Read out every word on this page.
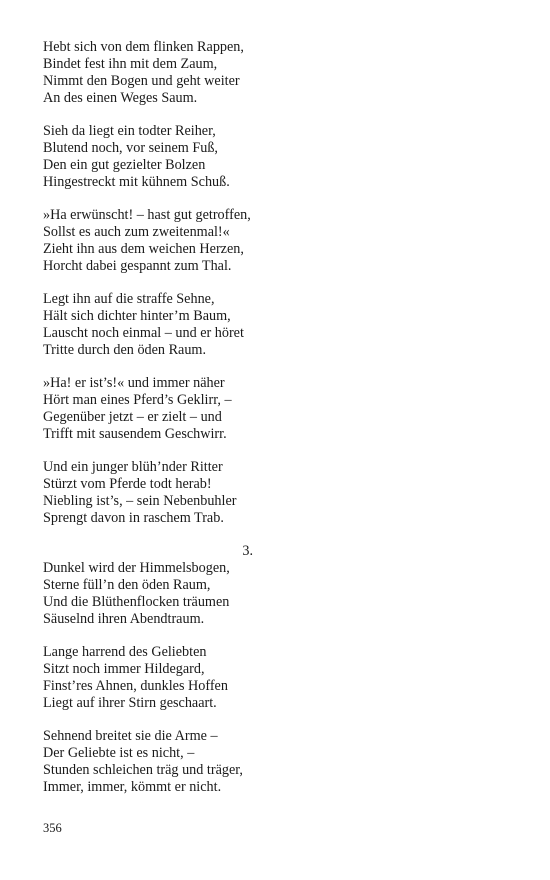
Hebt sich von dem flinken Rappen,
Bindet fest ihn mit dem Zaum,
Nimmt den Bogen und geht weiter
An des einen Weges Saum.
Sieh da liegt ein todter Reiher,
Blutend noch, vor seinem Fuß,
Den ein gut gezielter Bolzen
Hingestreckt mit kühnem Schuß.
»Ha erwünscht! – hast gut getroffen,
Sollst es auch zum zweitenmal!«
Zieht ihn aus dem weichen Herzen,
Horcht dabei gespannt zum Thal.
Legt ihn auf die straffe Sehne,
Hält sich dichter hinter’m Baum,
Lauscht noch einmal – und er höret
Tritte durch den öden Raum.
»Ha! er ist’s!« und immer näher
Hört man eines Pferd’s Geklirr, –
Gegenüber jetzt – er zielt – und
Trifft mit sausendem Geschwirr.
Und ein junger blüh’nder Ritter
Stürzt vom Pferde todt herab!
Niebling ist’s, – sein Nebenbuhler
Sprengt davon in raschem Trab.
3.
Dunkel wird der Himmelsbogen,
Sterne füll’n den öden Raum,
Und die Blüthenflocken träumen
Säuselnd ihren Abendtraum.
Lange harrend des Geliebten
Sitzt noch immer Hildegard,
Finst’res Ahnen, dunkles Hoffen
Liegt auf ihrer Stirn geschaart.
Sehnend breitet sie die Arme –
Der Geliebte ist es nicht, –
Stunden schleichen träg und träger,
Immer, immer, kömmt er nicht.
356
